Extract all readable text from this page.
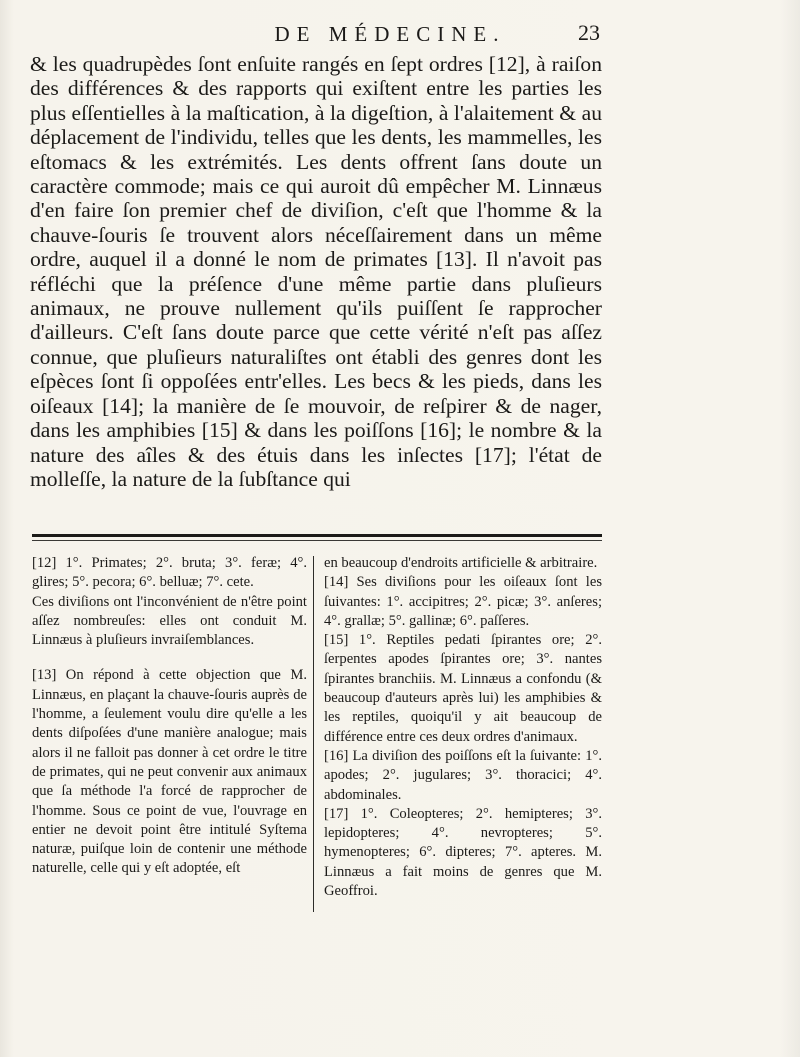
DE MÉDECINE.	23

& les quadrupèdes ſont enſuite rangés en ſept ordres [12], à raiſon des différences & des rapports qui exiſtent entre les parties les plus eſſentielles à la maſtication, à la digeſtion, à l'alaitement & au déplacement de l'individu, telles que les dents, les mammelles, les eſtomacs & les extrémités. Les dents offrent ſans doute un caractère commode; mais ce qui auroit dû empêcher M. Linnæus d'en faire ſon premier chef de diviſion, c'eſt que l'homme & la chauve-ſouris ſe trouvent alors néceſſairement dans un même ordre, auquel il a donné le nom de primates [13]. Il n'avoit pas réfléchi que la préſence d'une même partie dans pluſieurs animaux, ne prouve nullement qu'ils puiſſent ſe rapprocher d'ailleurs. C'eſt ſans doute parce que cette vérité n'eſt pas aſſez connue, que pluſieurs naturaliſtes ont établi des genres dont les eſpèces ſont ſi oppoſées entr'elles. Les becs & les pieds, dans les oiſeaux [14]; la manière de ſe mouvoir, de reſpirer & de nager, dans les amphibies [15] & dans les poiſſons [16]; le nombre & la nature des aîles & des étuis dans les inſectes [17]; l'état de molleſſe, la nature de la ſubſtance qui

[12] 1°. Primates; 2°. bruta; 3°. feræ; 4°. glires; 5°. pecora; 6°. belluæ; 7°. cete.

Ces diviſions ont l'inconvénient de n'être point aſſez nombreuſes: elles ont conduit M. Linnæus à pluſieurs invraiſemblances.

[13] On répond à cette objection que M. Linnæus, en plaçant la chauve-ſouris auprès de l'homme, a ſeulement voulu dire qu'elle a les dents diſpoſées d'une manière analogue; mais alors il ne falloit pas donner à cet ordre le titre de primates, qui ne peut convenir aux animaux que ſa méthode l'a forcé de rapprocher de l'homme. Sous ce point de vue, l'ouvrage en entier ne devoit point être intitulé Syſtema naturæ, puiſque loin de contenir une méthode naturelle, celle qui y eſt adoptée, eſt

en beaucoup d'endroits artificielle & arbitraire.

[14] Ses diviſions pour les oiſeaux ſont les ſuivantes: 1°. accipitres; 2°. picæ; 3°. anſeres; 4°. grallæ; 5°. gallinæ; 6°. paſſeres.

[15] 1°. Reptiles pedati ſpirantes ore; 2°. ſerpentes apodes ſpirantes ore; 3°. nantes ſpirantes branchiis. M. Linnæus a confondu (& beaucoup d'auteurs après lui) les amphibies & les reptiles, quoiqu'il y ait beaucoup de différence entre ces deux ordres d'animaux.

[16] La diviſion des poiſſons eſt la ſuivante: 1°. apodes; 2°. jugulares; 3°. thoracici; 4°. abdominales.

[17] 1°. Coleopteres; 2°. hemipteres; 3°. lepidopteres; 4°. nevropteres; 5°. hymenopteres; 6°. dipteres; 7°. apteres. M. Linnæus a fait moins de genres que M. Geoffroi.
